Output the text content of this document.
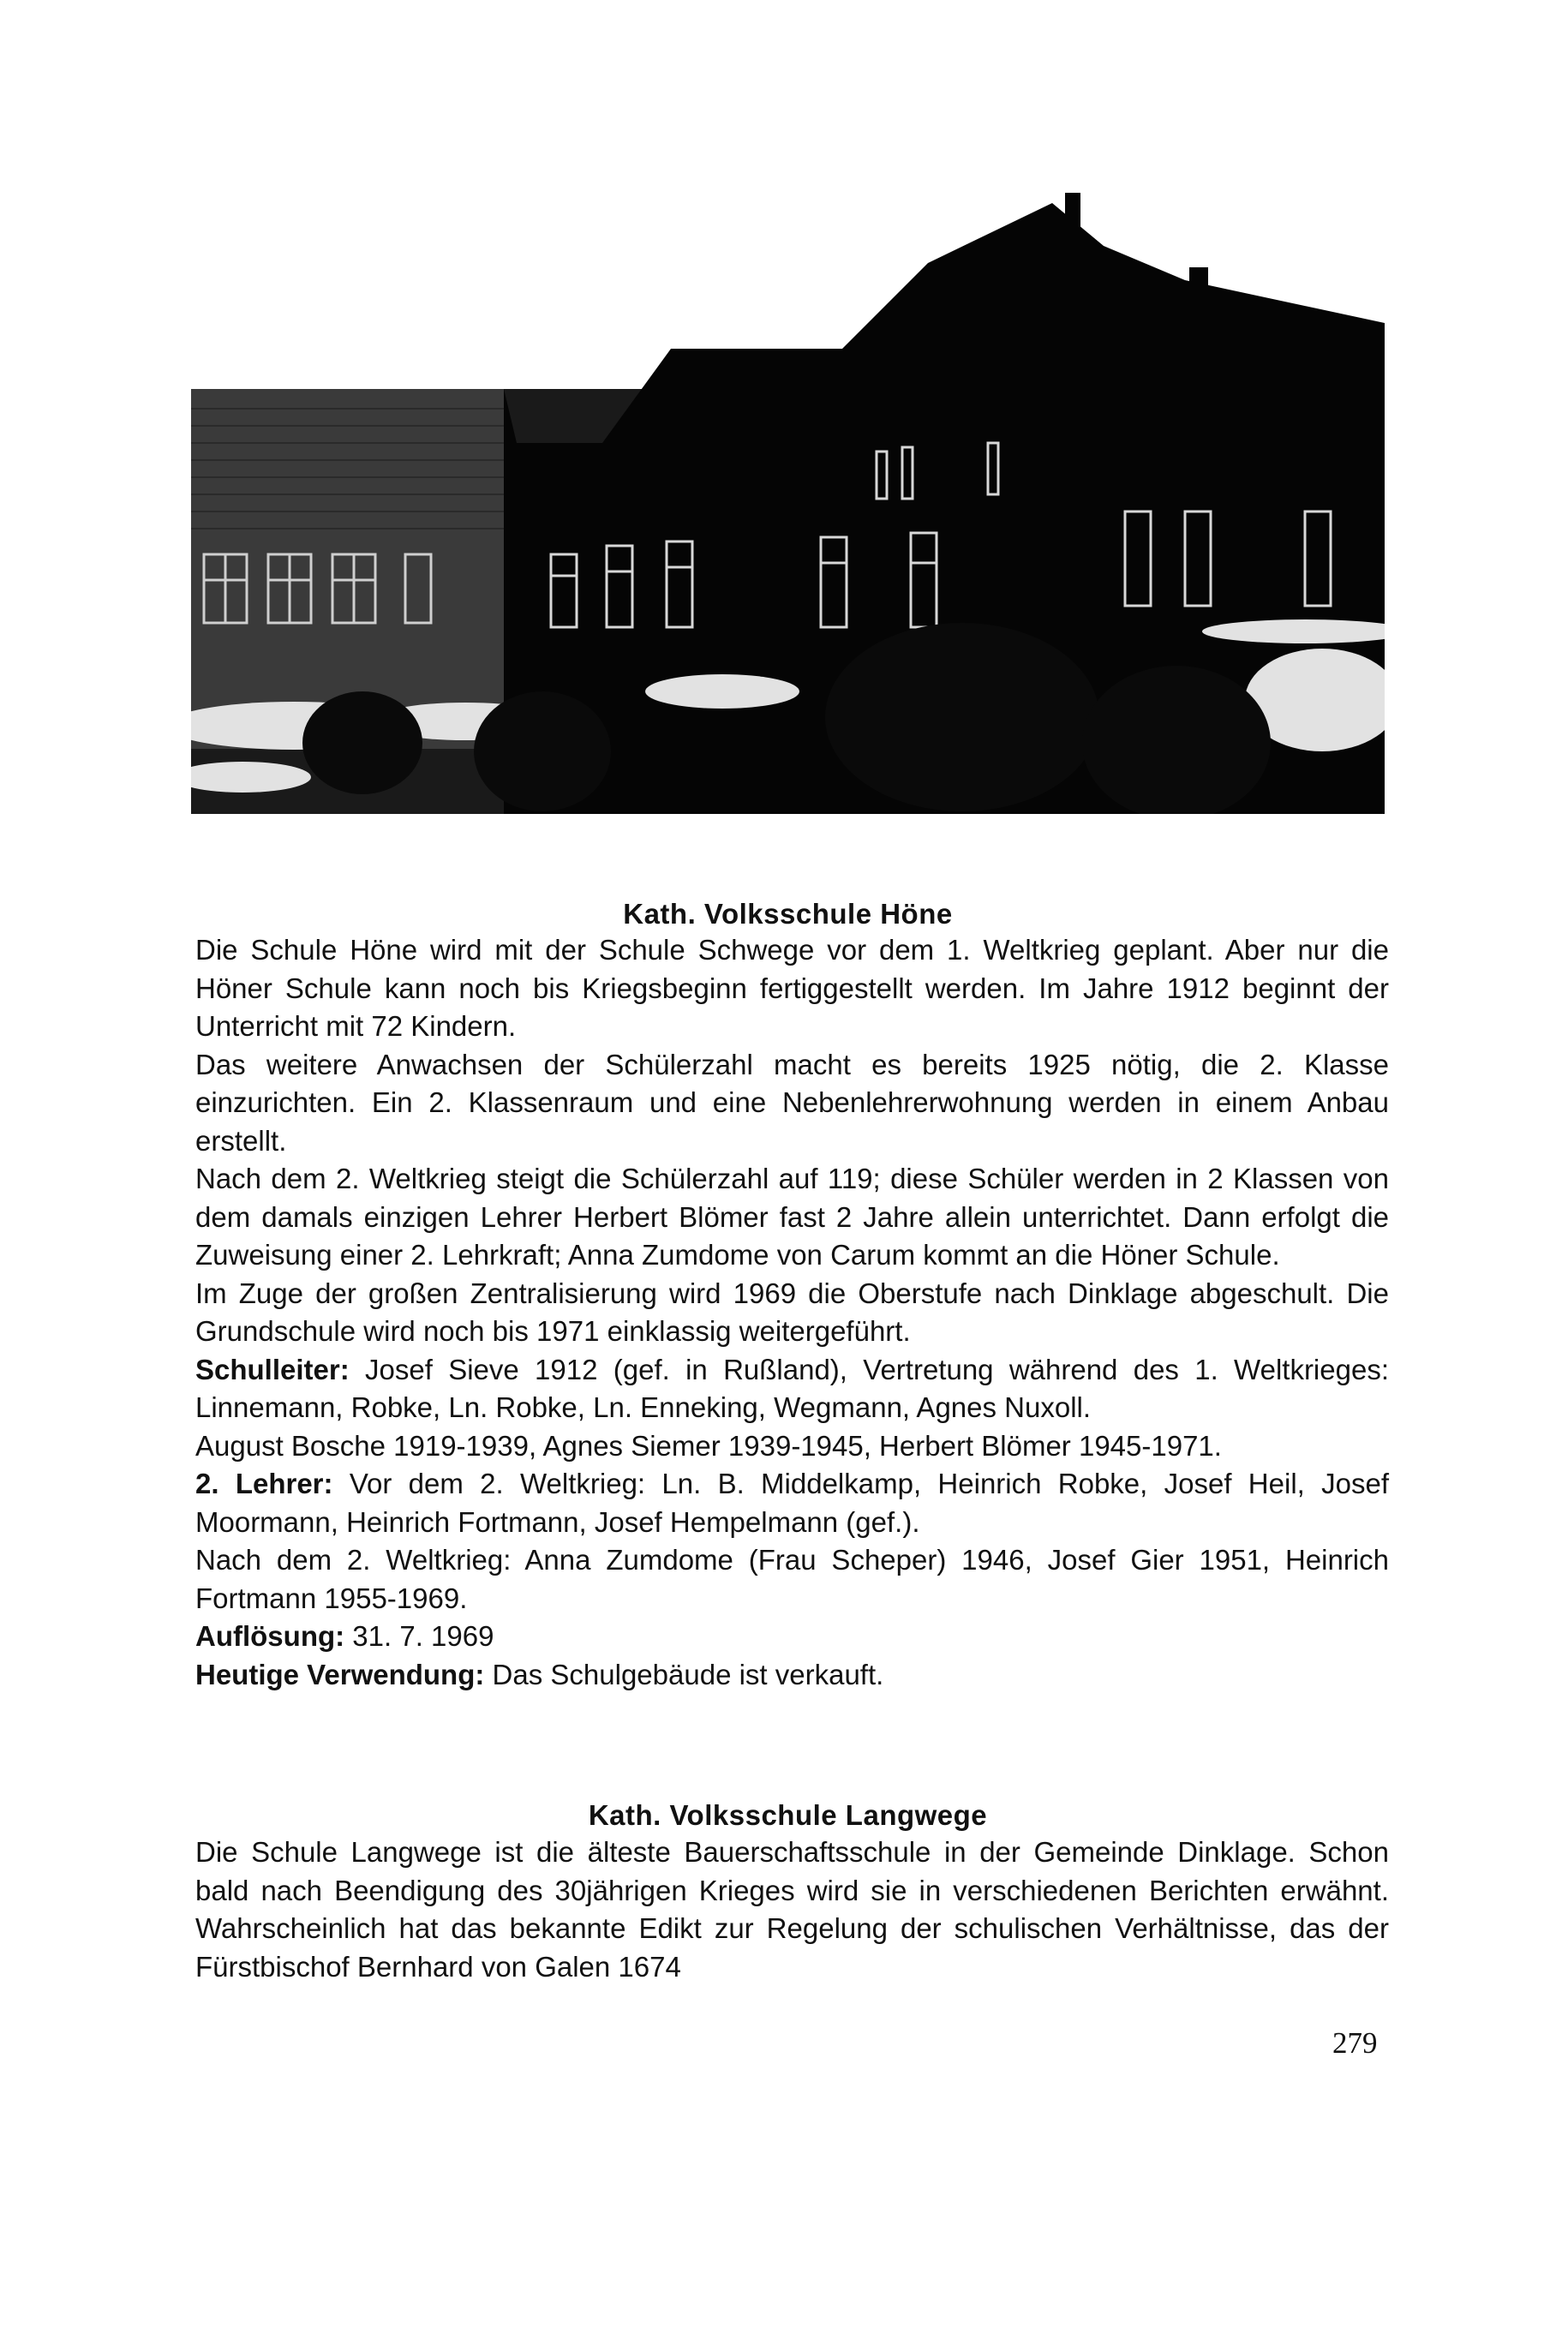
Kath. Volksschule Höne

Die Schule Höne wird mit der Schule Schwege vor dem 1. Weltkrieg geplant. Aber nur die Höner Schule kann noch bis Kriegsbeginn fertiggestellt werden. Im Jahre 1912 beginnt der Unterricht mit 72 Kindern.

Das weitere Anwachsen der Schülerzahl macht es bereits 1925 nötig, die 2. Klasse einzurichten. Ein 2. Klassenraum und eine Nebenlehrerwohnung werden in einem Anbau erstellt.

Nach dem 2. Weltkrieg steigt die Schülerzahl auf 119; diese Schüler werden in 2 Klassen von dem damals einzigen Lehrer Herbert Blömer fast 2 Jahre allein unterrichtet. Dann erfolgt die Zuweisung einer 2. Lehrkraft; Anna Zumdome von Carum kommt an die Höner Schule.

Im Zuge der großen Zentralisierung wird 1969 die Oberstufe nach Dinklage abgeschult. Die Grundschule wird noch bis 1971 einklassig weitergeführt.

Schulleiter: Josef Sieve 1912 (gef. in Rußland), Vertretung während des 1. Weltkrieges: Linnemann, Robke, Ln. Robke, Ln. Enneking, Wegmann, Agnes Nuxoll.

August Bosche 1919-1939, Agnes Siemer 1939-1945, Herbert Blömer 1945-1971.

2. Lehrer: Vor dem 2. Weltkrieg: Ln. B. Middelkamp, Heinrich Robke, Josef Heil, Josef Moormann, Heinrich Fortmann, Josef Hempelmann (gef.).

Nach dem 2. Weltkrieg: Anna Zumdome (Frau Scheper) 1946, Josef Gier 1951, Heinrich Fortmann 1955-1969.

Auflösung: 31. 7. 1969

Heutige Verwendung: Das Schulgebäude ist verkauft.

Kath. Volksschule Langwege

Die Schule Langwege ist die älteste Bauerschaftsschule in der Gemeinde Dinklage. Schon bald nach Beendigung des 30jährigen Krieges wird sie in verschiedenen Berichten erwähnt. Wahrscheinlich hat das bekannte Edikt zur Regelung der schulischen Verhältnisse, das der Fürstbischof Bernhard von Galen 1674

279
